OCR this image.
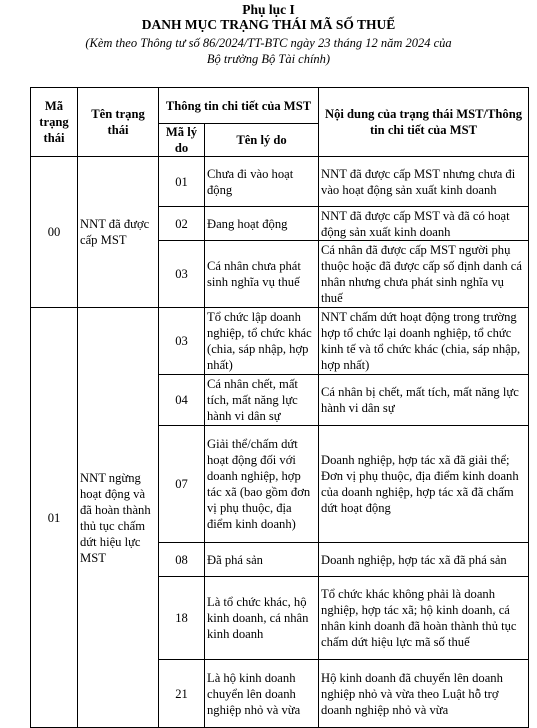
Phụ lục I
DANH MỤC TRẠNG THÁI MÃ SỐ THUẾ
(Kèm theo Thông tư số 86/2024/TT-BTC ngày 23 tháng 12 năm 2024 của
Bộ trưởng Bộ Tài chính)
Mã trạng thái	Tên trạng thái	Thông tin chi tiết của MST		Nội dung của trạng thái MST/Thông tin chi tiết của MST
		Mã lý do	Tên lý do	
00	NNT đã được cấp MST	01	Chưa đi vào hoạt động	NNT đã được cấp MST nhưng chưa đi vào hoạt động sản xuất kinh doanh
		02	Đang hoạt động	NNT đã được cấp MST và đã có hoạt động sản xuất kinh doanh
		03	Cá nhân chưa phát sinh nghĩa vụ thuế	Cá nhân đã được cấp MST người phụ thuộc hoặc đã được cấp số định danh cá nhân nhưng chưa phát sinh nghĩa vụ thuế
01	NNT ngừng hoạt động và đã hoàn thành thủ tục chấm dứt hiệu lực MST	03	Tổ chức lập doanh nghiệp, tổ chức khác (chia, sáp nhập, hợp nhất)	NNT chấm dứt hoạt động trong trường hợp tổ chức lại doanh nghiệp, tổ chức kinh tế và tổ chức khác (chia, sáp nhập, hợp nhất)
		04	Cá nhân chết, mất tích, mất năng lực hành vi dân sự	Cá nhân bị chết, mất tích, mất năng lực hành vi dân sự
		07	Giải thể/chấm dứt hoạt động đối với doanh nghiệp, hợp tác xã (bao gồm đơn vị phụ thuộc, địa điểm kinh doanh)	Doanh nghiệp, hợp tác xã đã giải thể;
Đơn vị phụ thuộc, địa điểm kinh doanh của doanh nghiệp, hợp tác xã đã chấm dứt hoạt động

		08	Đã phá sản	Doanh nghiệp, hợp tác xã đã phá sản
		18	Là tổ chức khác, hộ kinh doanh, cá nhân kinh doanh	Tổ chức khác không phải là doanh nghiệp, hợp tác xã; hộ kinh doanh, cá nhân kinh doanh đã hoàn thành thủ tục chấm dứt hiệu lực mã số thuế
		21	Là hộ kinh doanh chuyển lên doanh nghiệp nhỏ và vừa	Hộ kinh doanh đã chuyển lên doanh nghiệp nhỏ và vừa theo Luật hỗ trợ doanh nghiệp nhỏ và vừa
